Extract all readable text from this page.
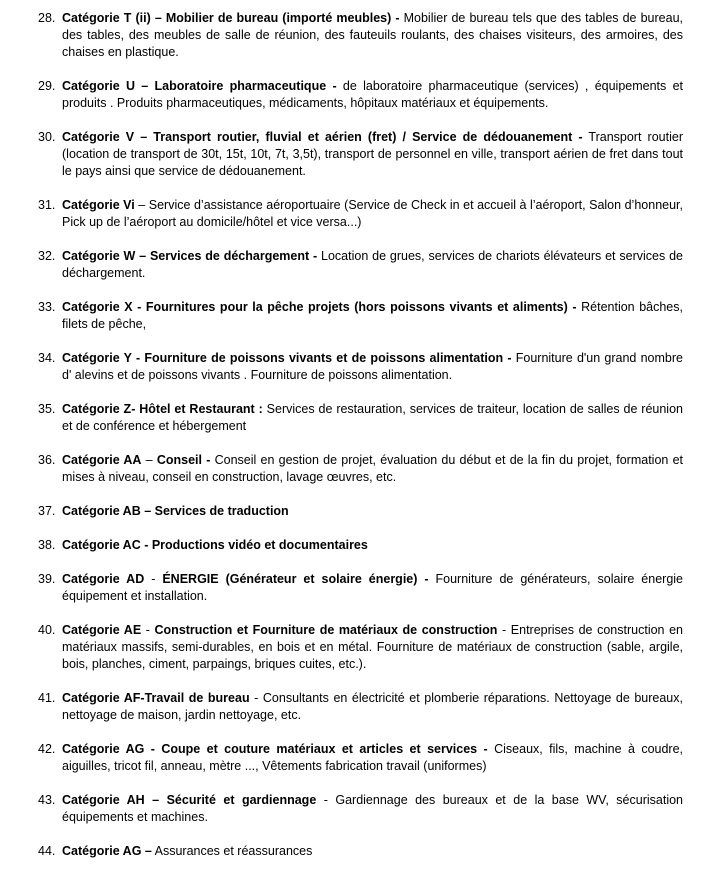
28. Catégorie T (ii) – Mobilier de bureau (importé meubles) - Mobilier de bureau tels que des tables de bureau, des tables, des meubles de salle de réunion, des fauteuils roulants, des chaises visiteurs, des armoires, des chaises en plastique.
29. Catégorie U – Laboratoire pharmaceutique - de laboratoire pharmaceutique (services) , équipements et produits . Produits pharmaceutiques, médicaments, hôpitaux matériaux et équipements.
30. Catégorie V – Transport routier, fluvial et aérien (fret) / Service de dédouanement - Transport routier (location de transport de 30t, 15t, 10t, 7t, 3,5t), transport de personnel en ville, transport aérien de fret dans tout le pays ainsi que service de dédouanement.
31. Catégorie Vi – Service d’assistance aéroportuaire (Service de Check in et accueil à l’aéroport, Salon d’honneur, Pick up de l’aéroport au domicile/hôtel et vice versa...)
32. Catégorie W – Services de déchargement - Location de grues, services de chariots élévateurs et services de déchargement.
33. Catégorie X - Fournitures pour la pêche projets (hors poissons vivants et aliments) - Rétention bâches, filets de pêche,
34. Catégorie Y - Fourniture de poissons vivants et de poissons alimentation - Fourniture d'un grand nombre d' alevins et de poissons vivants . Fourniture de poissons alimentation.
35. Catégorie Z- Hôtel et Restaurant : Services de restauration, services de traiteur, location de salles de réunion et de conférence et hébergement
36. Catégorie AA – Conseil - Conseil en gestion de projet, évaluation du début et de la fin du projet, formation et mises à niveau, conseil en construction, lavage œuvres, etc.
37. Catégorie AB – Services de traduction
38. Catégorie AC - Productions vidéo et documentaires
39. Catégorie AD - ÉNERGIE (Générateur et solaire énergie) - Fourniture de générateurs, solaire énergie équipement et installation.
40. Catégorie AE - Construction et Fourniture de matériaux de construction - Entreprises de construction en matériaux massifs, semi-durables, en bois et en métal. Fourniture de matériaux de construction (sable, argile, bois, planches, ciment, parpaings, briques cuites, etc.).
41. Catégorie AF-Travail de bureau - Consultants en électricité et plomberie réparations. Nettoyage de bureaux, nettoyage de maison, jardin nettoyage, etc.
42. Catégorie AG - Coupe et couture matériaux et articles et services - Ciseaux, fils, machine à coudre, aiguilles, tricot fil, anneau, mètre ..., Vêtements fabrication travail (uniformes)
43. Catégorie AH – Sécurité et gardiennage - Gardiennage des bureaux et de la base WV, sécurisation équipements et machines.
44. Catégorie AG – Assurances et réassurances
